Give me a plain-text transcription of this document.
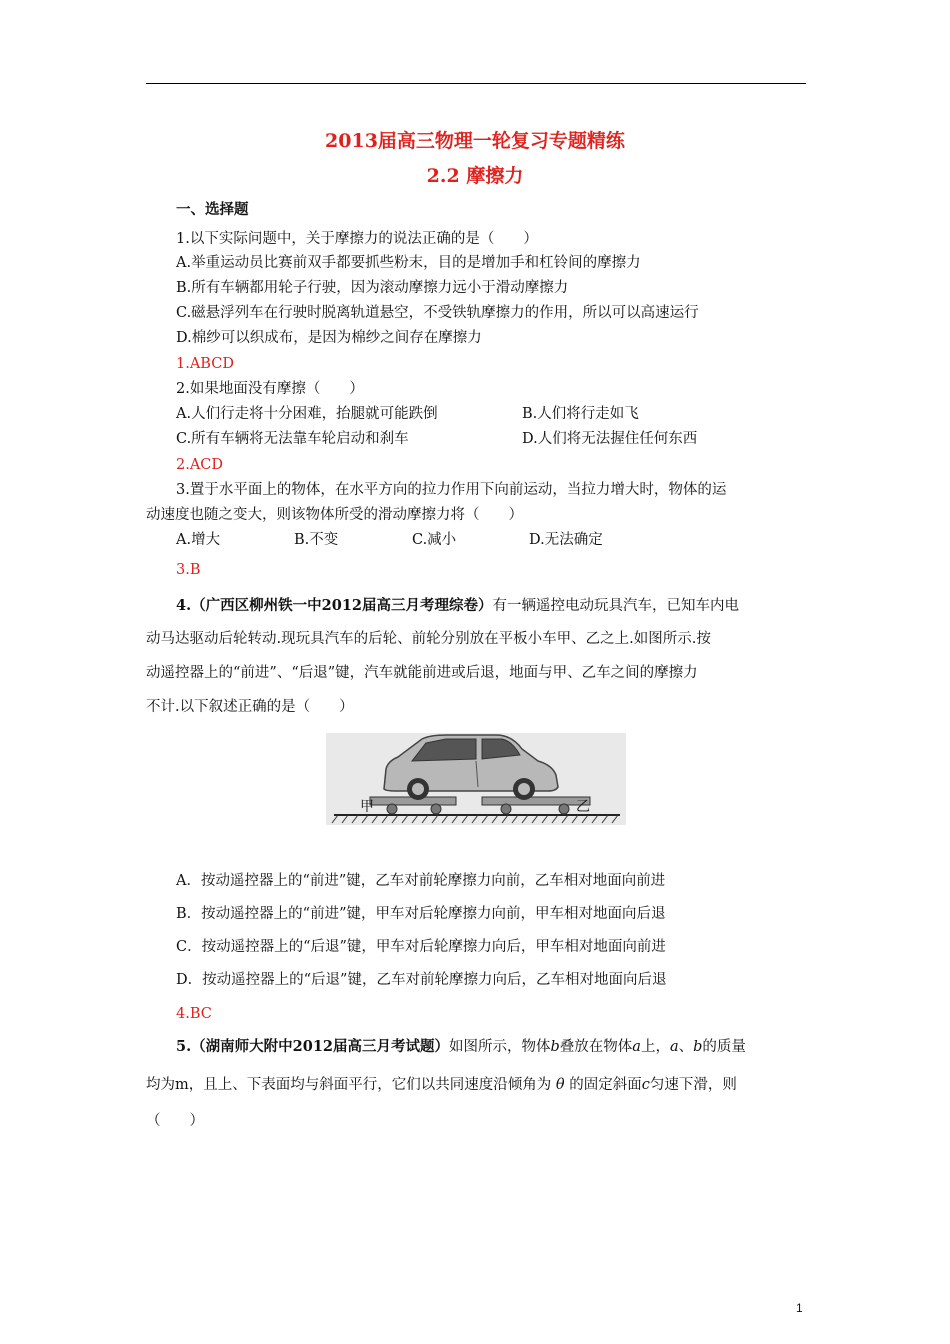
2013届高三物理一轮复习专题精练
2.2 摩擦力
一、选择题
1.以下实际问题中，关于摩擦力的说法正确的是（　　）
A.举重运动员比赛前双手都要抓些粉末，目的是增加手和杠铃间的摩擦力
B.所有车辆都用轮子行驶，因为滚动摩擦力远小于滑动摩擦力
C.磁悬浮列车在行驶时脱离轨道悬空，不受铁轨摩擦力的作用，所以可以高速运行
D.棉纱可以织成布，是因为棉纱之间存在摩擦力
1.ABCD
2.如果地面没有摩擦（　　）
A.人们行走将十分困难，抬腿就可能跌倒	B.人们将行走如飞
C.所有车辆将无法靠车轮启动和刹车	D.人们将无法握住任何东西
2.ACD
3.置于水平面上的物体，在水平方向的拉力作用下向前运动，当拉力增大时，物体的运
动速度也随之变大，则该物体所受的滑动摩擦力将（　　）
A.增大	B.不变	C.减小	D.无法确定
3.B
4.（广西区柳州铁一中2012届高三月考理综卷）有一辆遥控电动玩具汽车，已知车内电
动马达驱动后轮转动.现玩具汽车的后轮、前轮分别放在平板小车甲、乙之上.如图所示.按
动遥控器上的“前进”、“后退”键，汽车就能前进或后退，地面与甲、乙车之间的摩擦力
不计.以下叙述正确的是（　　）
甲	乙
A．按动遥控器上的“前进”键，乙车对前轮摩擦力向前，乙车相对地面向前进
B．按动遥控器上的“前进”键，甲车对后轮摩擦力向前，甲车相对地面向后退
C．按动遥控器上的“后退”键，甲车对后轮摩擦力向后，甲车相对地面向前进
D．按动遥控器上的“后退”键，乙车对前轮摩擦力向后，乙车相对地面向后退
4.BC
5.（湖南师大附中2012届高三月考试题）如图所示，物体b叠放在物体a上，a、b的质量
均为m，且上、下表面均与斜面平行，它们以共同速度沿倾角为 θ 的固定斜面c匀速下滑，则
（　　）
1
